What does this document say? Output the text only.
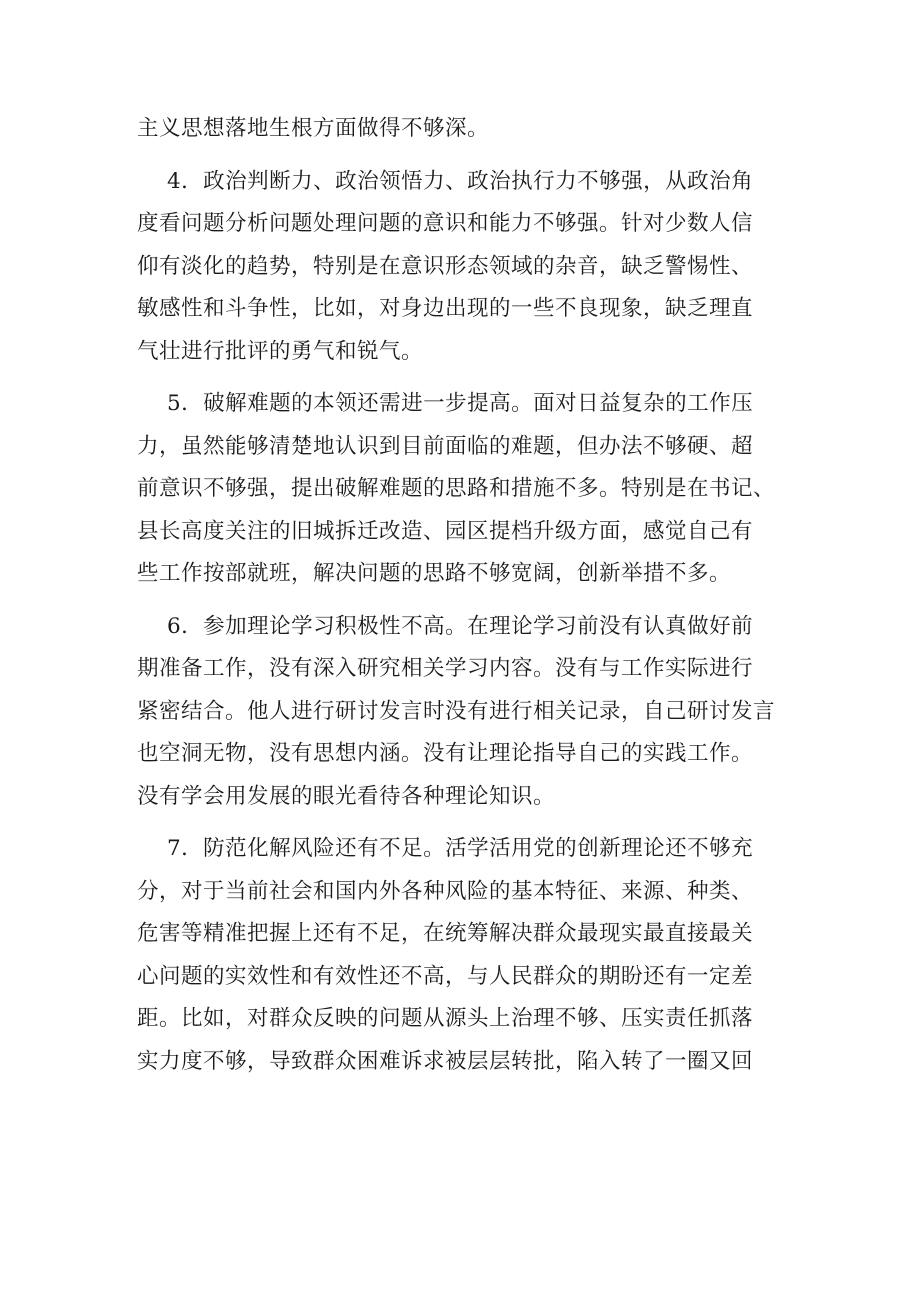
主义思想落地生根方面做得不够深。
4．政治判断力、政治领悟力、政治执行力不够强，从政治角
度看问题分析问题处理问题的意识和能力不够强。针对少数人信
仰有淡化的趋势，特别是在意识形态领域的杂音，缺乏警惕性、
敏感性和斗争性，比如，对身边出现的一些不良现象，缺乏理直
气壮进行批评的勇气和锐气。
5．破解难题的本领还需进一步提高。面对日益复杂的工作压
力，虽然能够清楚地认识到目前面临的难题，但办法不够硬、超
前意识不够强，提出破解难题的思路和措施不多。特别是在书记、
县长高度关注的旧城拆迁改造、园区提档升级方面，感觉自己有
些工作按部就班，解决问题的思路不够宽阔，创新举措不多。
6．参加理论学习积极性不高。在理论学习前没有认真做好前
期准备工作，没有深入研究相关学习内容。没有与工作实际进行
紧密结合。他人进行研讨发言时没有进行相关记录，自己研讨发言
也空洞无物，没有思想内涵。没有让理论指导自己的实践工作。
没有学会用发展的眼光看待各种理论知识。
7．防范化解风险还有不足。活学活用党的创新理论还不够充
分，对于当前社会和国内外各种风险的基本特征、来源、种类、
危害等精准把握上还有不足，在统筹解决群众最现实最直接最关
心问题的实效性和有效性还不高，与人民群众的期盼还有一定差
距。比如，对群众反映的问题从源头上治理不够、压实责任抓落
实力度不够，导致群众困难诉求被层层转批，陷入转了一圈又回
